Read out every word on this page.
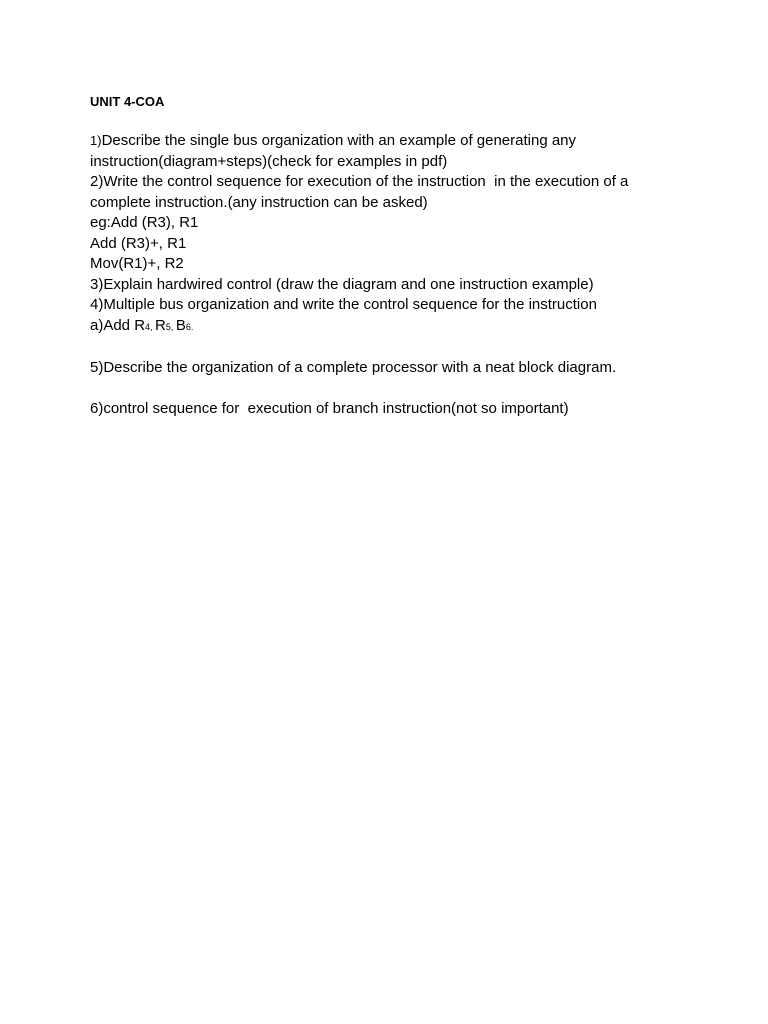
UNIT 4-COA
1)Describe the single bus organization with an example of generating any
instruction(diagram+steps)(check for examples in pdf)
2)Write the control sequence for execution of the instruction  in the execution of a
complete instruction.(any instruction can be asked)
eg:Add (R3), R1
Add (R3)+, R1
Mov(R1)+, R2
3)Explain hardwired control (draw the diagram and one instruction example)
4)Multiple bus organization and write the control sequence for the instruction
a)Add R4, R5, B6.
5)Describe the organization of a complete processor with a neat block diagram.
6)control sequence for  execution of branch instruction(not so important)
